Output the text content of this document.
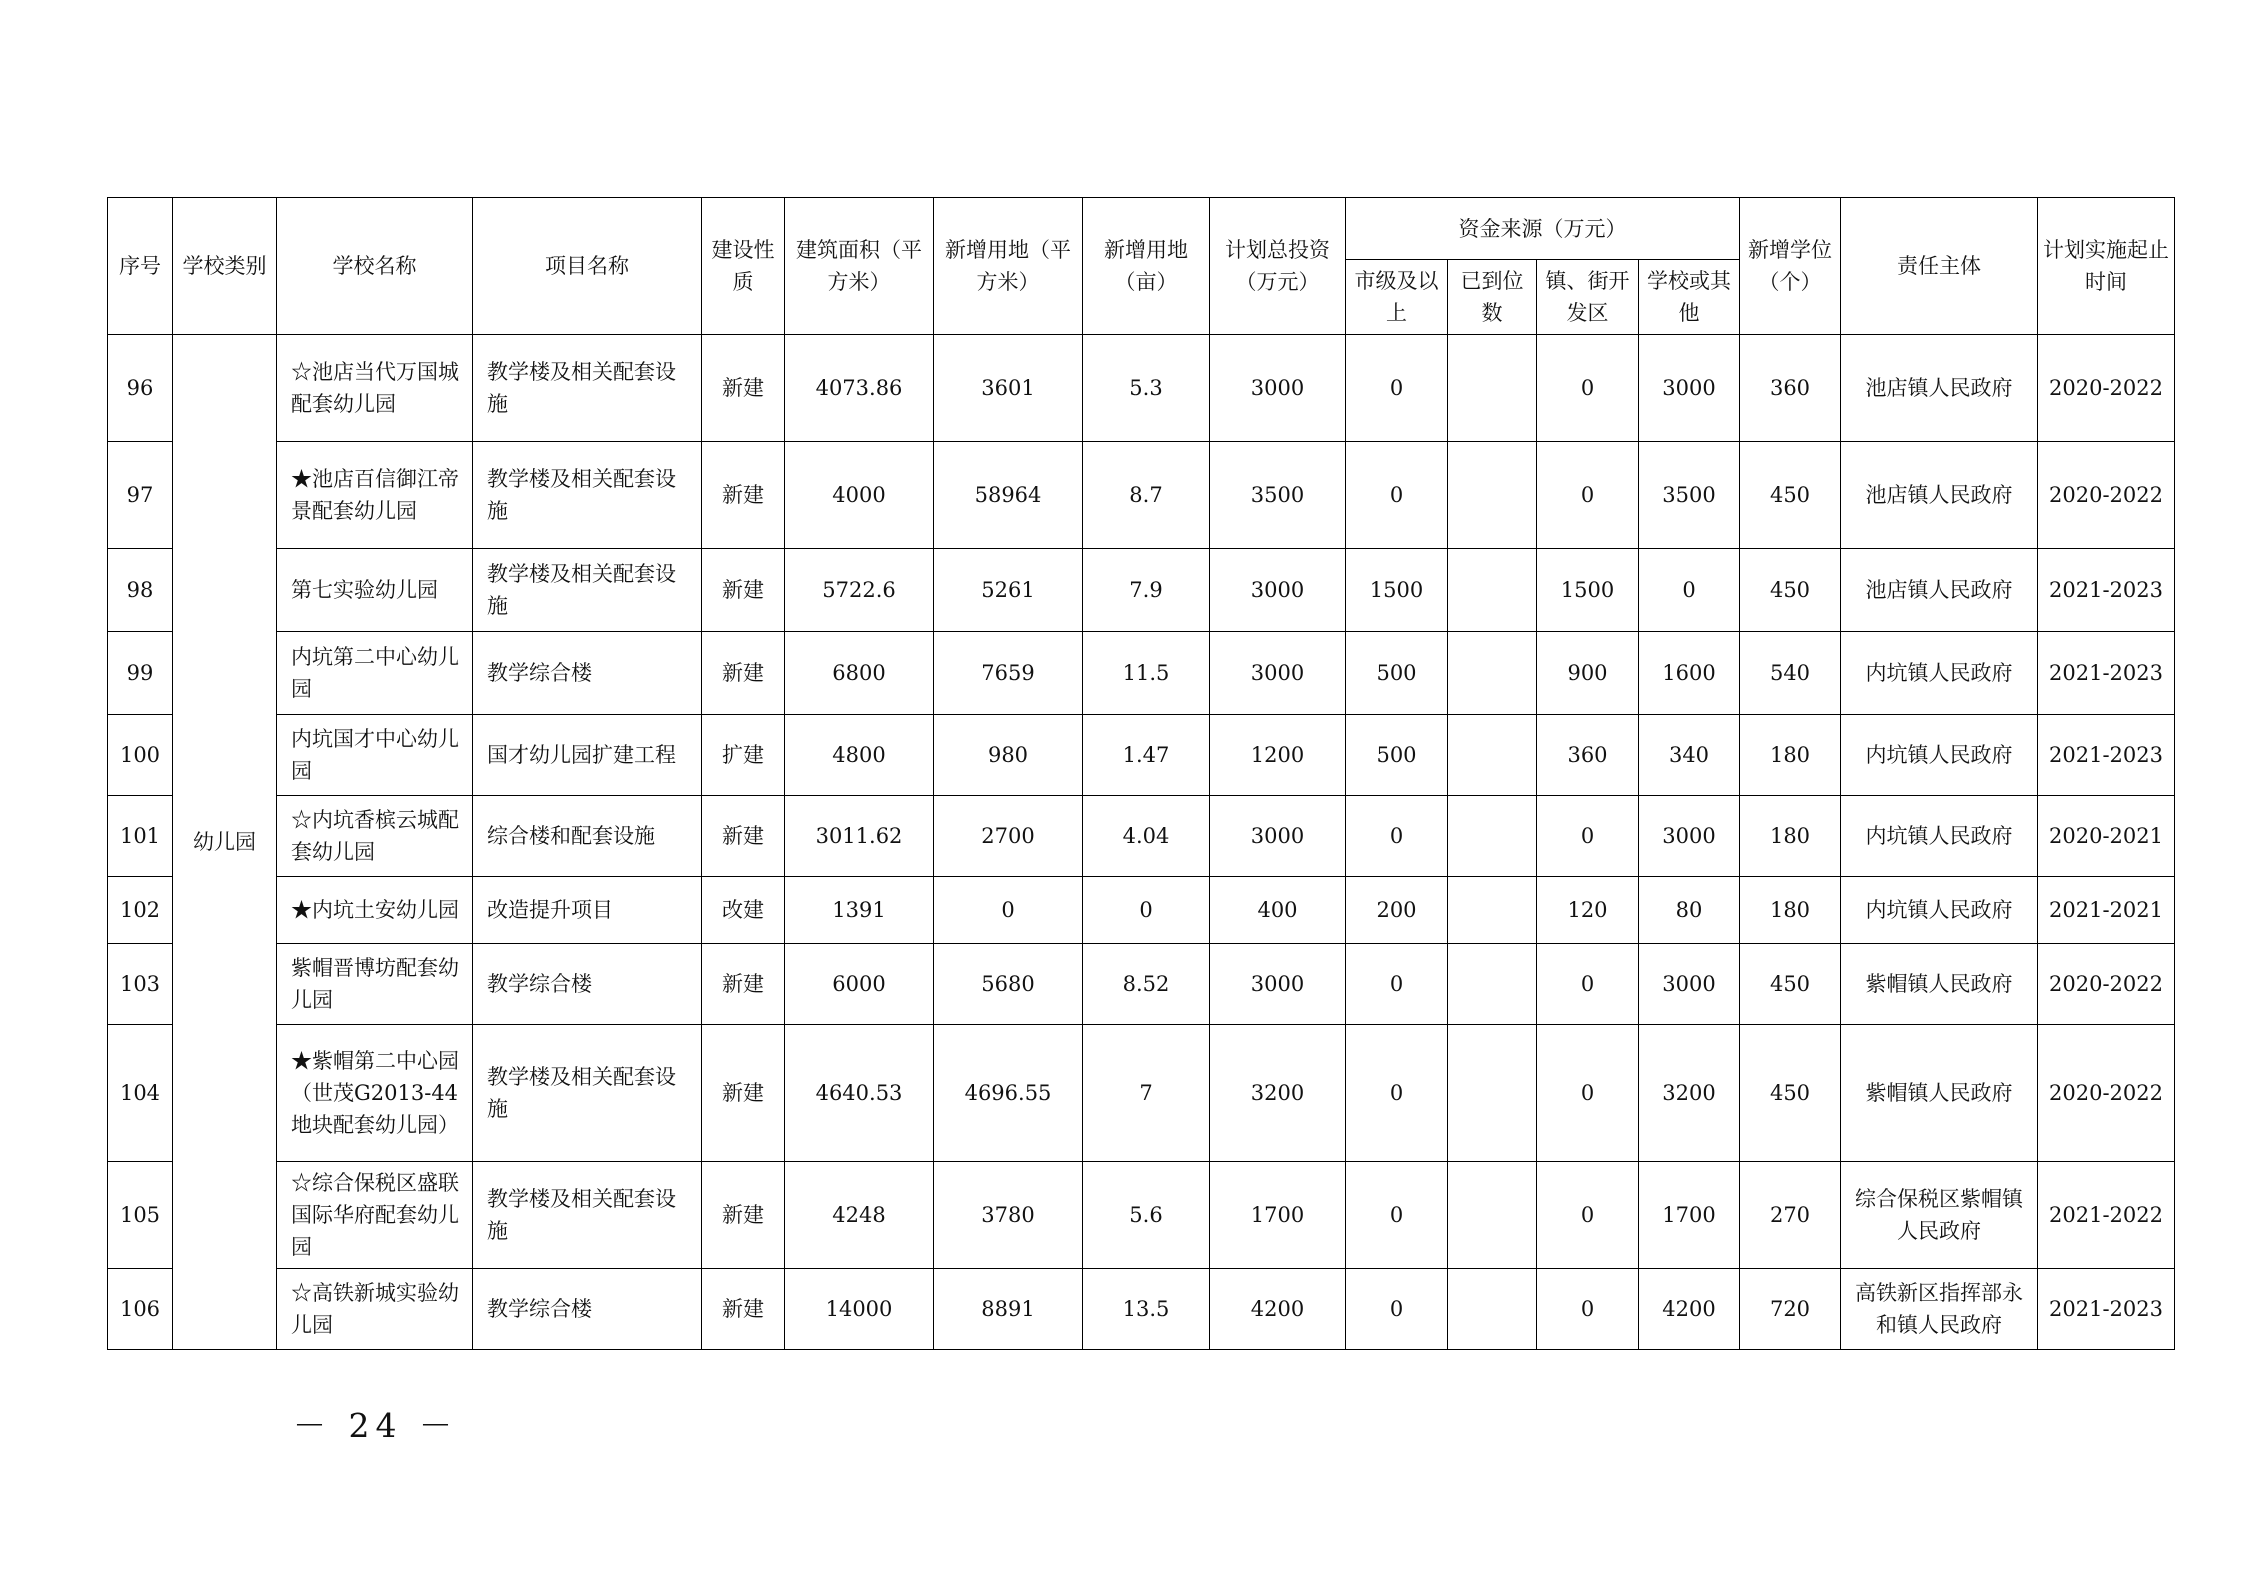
序号	学校类别	学校名称	项目名称	建设性质	建筑面积（平方米）	新增用地（平方米）	新增用地（亩）	计划总投资（万元）	资金来源（万元）				新增学位（个）	责任主体	计划实施起止时间
									市级及以上	已到位数	镇、街开发区	学校或其他			
96	幼儿园	☆池店当代万国城配套幼儿园	教学楼及相关配套设施	新建	4073.86	3601	5.3	3000	0		0	3000	360	池店镇人民政府	2020-2022
97		★池店百信御江帝景配套幼儿园	教学楼及相关配套设施	新建	4000	58964	8.7	3500	0		0	3500	450	池店镇人民政府	2020-2022
98		第七实验幼儿园	教学楼及相关配套设施	新建	5722.6	5261	7.9	3000	1500		1500	0	450	池店镇人民政府	2021-2023
99		内坑第二中心幼儿园	教学综合楼	新建	6800	7659	11.5	3000	500		900	1600	540	内坑镇人民政府	2021-2023
100		内坑国才中心幼儿园	国才幼儿园扩建工程	扩建	4800	980	1.47	1200	500		360	340	180	内坑镇人民政府	2021-2023
101		☆内坑香槟云城配套幼儿园	综合楼和配套设施	新建	3011.62	2700	4.04	3000	0		0	3000	180	内坑镇人民政府	2020-2021
102		★内坑土安幼儿园	改造提升项目	改建	1391	0	0	400	200		120	80	180	内坑镇人民政府	2021-2021
103		紫帽晋博坊配套幼儿园	教学综合楼	新建	6000	5680	8.52	3000	0		0	3000	450	紫帽镇人民政府	2020-2022
104		★紫帽第二中心园（世茂G2013-44地块配套幼儿园）	教学楼及相关配套设施	新建	4640.53	4696.55	7	3200	0		0	3200	450	紫帽镇人民政府	2020-2022
105		☆综合保税区盛联国际华府配套幼儿园	教学楼及相关配套设施	新建	4248	3780	5.6	1700	0		0	1700	270	综合保税区紫帽镇人民政府	2021-2022
106		☆高铁新城实验幼儿园	教学综合楼	新建	14000	8891	13.5	4200	0		0	4200	720	高铁新区指挥部永和镇人民政府	2021-2023
－ 24 －
